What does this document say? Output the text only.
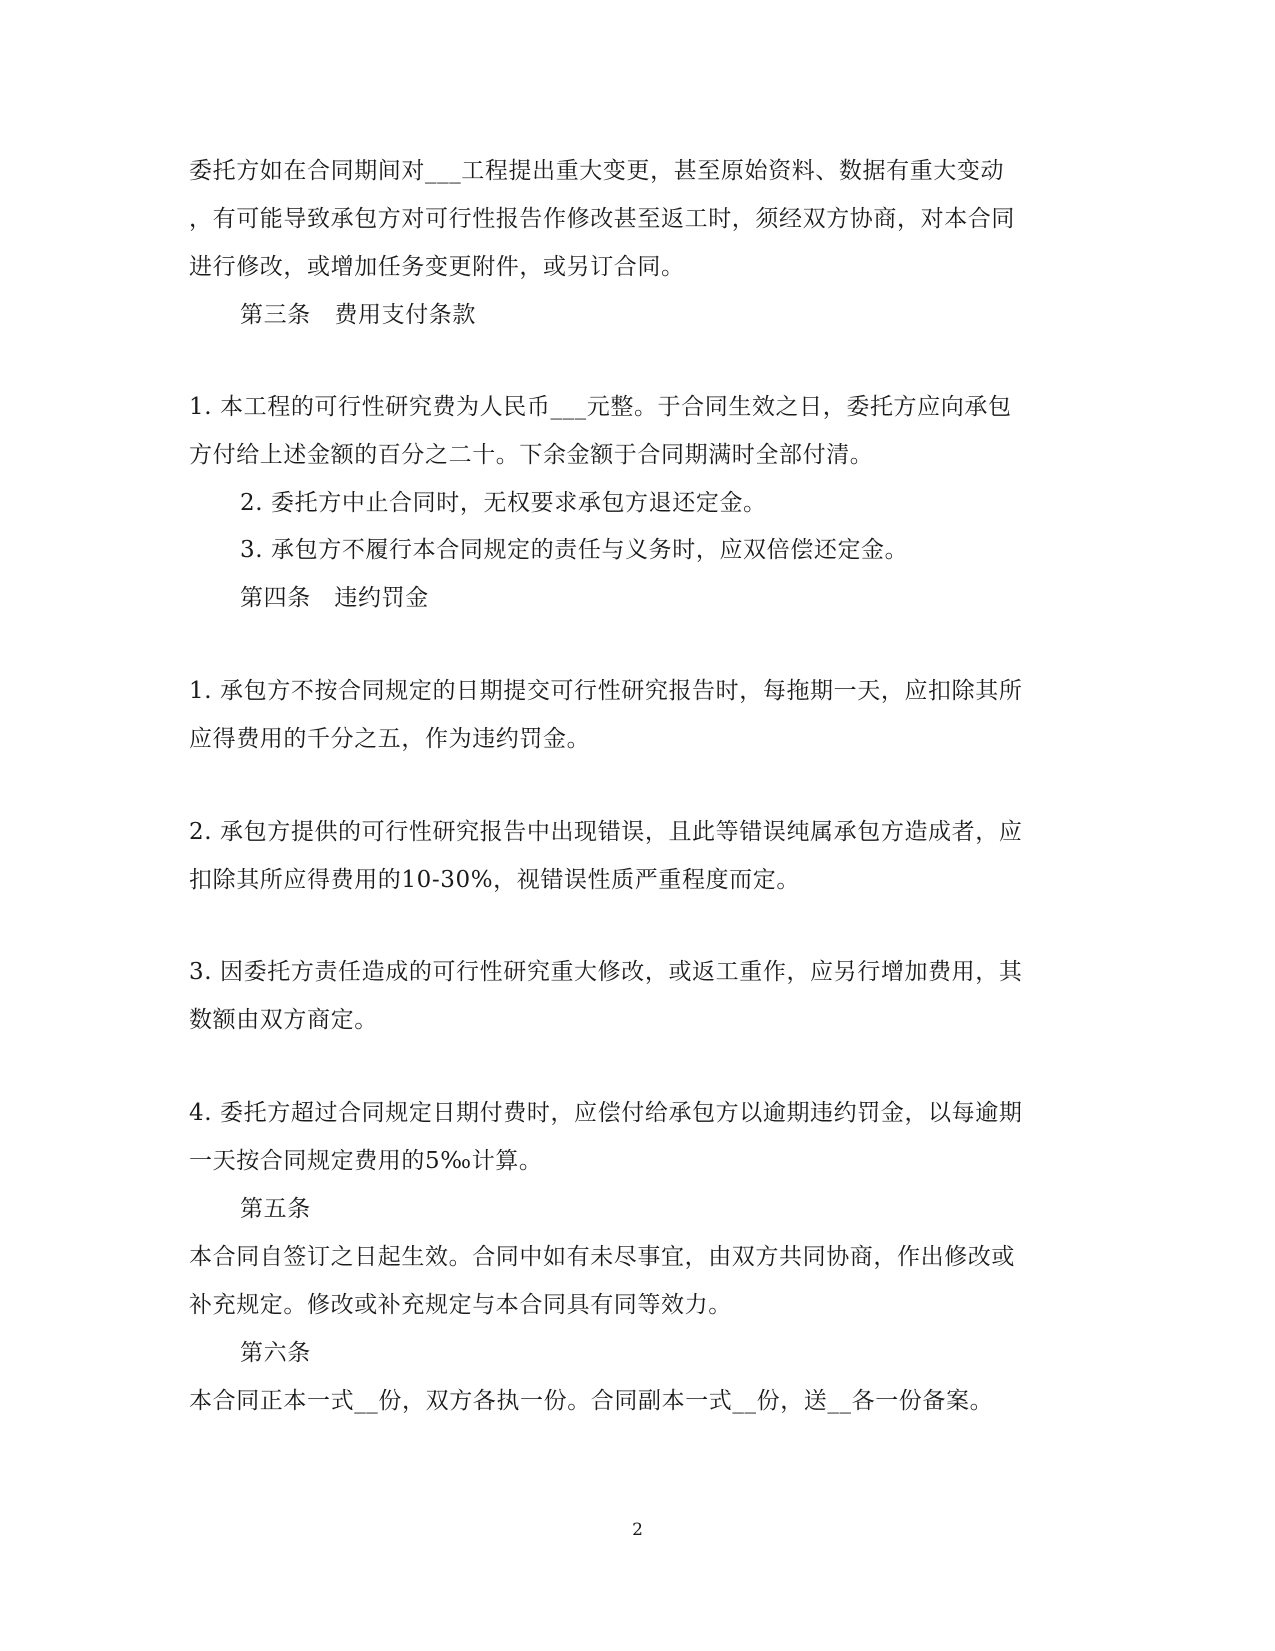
委托方如在合同期间对___工程提出重大变更，甚至原始资料、数据有重大变动
，有可能导致承包方对可行性报告作修改甚至返工时，须经双方协商，对本合同
进行修改，或增加任务变更附件，或另订合同。
第三条　费用支付条款
1. 本工程的可行性研究费为人民币___元整。于合同生效之日，委托方应向承包
方付给上述金额的百分之二十。下余金额于合同期满时全部付清。
2. 委托方中止合同时，无权要求承包方退还定金。
3. 承包方不履行本合同规定的责任与义务时，应双倍偿还定金。
第四条　违约罚金
1. 承包方不按合同规定的日期提交可行性研究报告时，每拖期一天，应扣除其所
应得费用的千分之五，作为违约罚金。
2. 承包方提供的可行性研究报告中出现错误，且此等错误纯属承包方造成者，应
扣除其所应得费用的10-30%，视错误性质严重程度而定。
3. 因委托方责任造成的可行性研究重大修改，或返工重作，应另行增加费用，其
数额由双方商定。
4. 委托方超过合同规定日期付费时，应偿付给承包方以逾期违约罚金，以每逾期
一天按合同规定费用的5‰计算。
第五条
本合同自签订之日起生效。合同中如有未尽事宜，由双方共同协商，作出修改或
补充规定。修改或补充规定与本合同具有同等效力。
第六条
本合同正本一式__份，双方各执一份。合同副本一式__份，送__各一份备案。
2
